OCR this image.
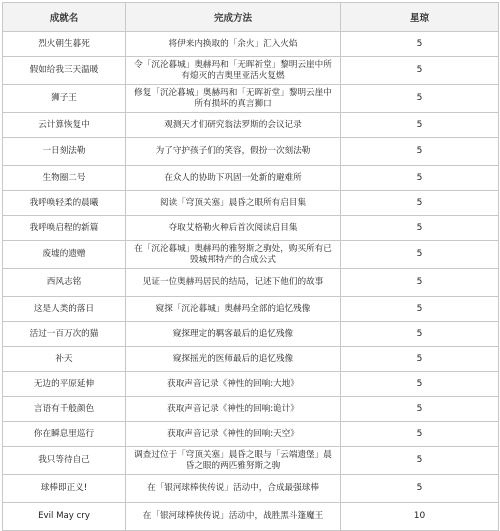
成就名	完成方法	星琼
烈火朝生暮死	将伊来内换取的「余火」汇入火焰	5
假如给我三天温暖	令「沉沦暮城」奥赫玛和「无晖祈堂」黎明云崖中所有熄灭的吉奥里亚活火复燃	5
狮子王	修复「沉沦暮城」奥赫玛和「无晖祈堂」黎明云崖中所有损坏的真言狮口	5
云计算恢复中	观测天才们研究翁法罗斯的会议记录	5
一日刻法勒	为了守护孩子们的笑容，假扮一次刻法勒	5
生物圈二号	在众人的协助下巩固一处新的避难所	5
我呼唤轻柔的晨曦	阅读「穹顶关塞」晨昏之眼所有启目集	5
我呼唤启程的新篇	夺取艾格勒火种后首次阅读启目集	5
废墟的遗赠	在「沉沦暮城」奥赫玛的雅努斯之驹处，购买所有已毁城邦特产的合成公式	5
西风志铭	见证一位奥赫玛居民的结局，记述下他们的故事	5
这是人类的落日	窥探「沉沦暮城」奥赫玛全部的追忆残像	5
活过一百万次的猫	窥探理定的羁客最后的追忆残像	5
补天	窥探摇光的医师最后的追忆残像	5
无边的平原延伸	获取声音记录《神性的回响:大地》	5
言语有千般颜色	获取声音记录《神性的回响:诡计》	5
你在瞬息里巡行	获取声音记录《神性的回响:天空》	5
我只等待自己	调查过位于「穹顶关塞」晨昏之眼与「云端遗堡」晨昏之眼的两匹雅努斯之驹	5
球棒即正义!	在「银河球棒侠传说」活动中，合成最强球棒	5
Evil May cry	在「银河球棒侠传说」活动中，战胜黑斗篷魔王	10
